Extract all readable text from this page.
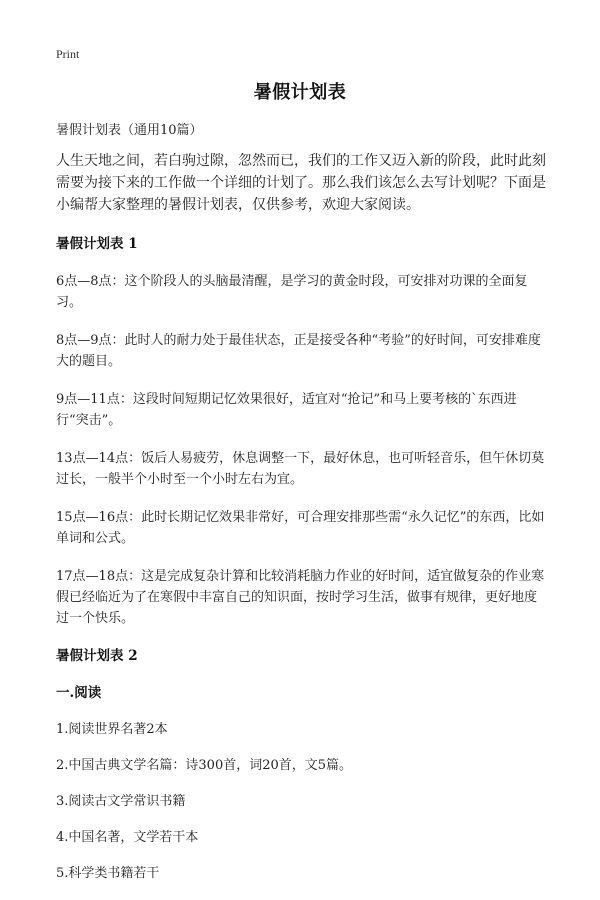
Print
暑假计划表
暑假计划表（通用10篇）
人生天地之间，若白驹过隙，忽然而已，我们的工作又迈入新的阶段，此时此刻需要为接下来的工作做一个详细的计划了。那么我们该怎么去写计划呢？下面是小编帮大家整理的暑假计划表，仅供参考，欢迎大家阅读。
暑假计划表 1
6点—8点：这个阶段人的头脑最清醒，是学习的黄金时段，可安排对功课的全面复习。
8点—9点：此时人的耐力处于最佳状态，正是接受各种“考验”的好时间，可安排难度大的题目。
9点—11点：这段时间短期记忆效果很好，适宜对“抢记”和马上要考核的`东西进行“突击”。
13点—14点：饭后人易疲劳，休息调整一下，最好休息，也可听轻音乐，但午休切莫过长，一般半个小时至一个小时左右为宜。
15点—16点：此时长期记忆效果非常好，可合理安排那些需“永久记忆”的东西，比如单词和公式。
17点—18点：这是完成复杂计算和比较消耗脑力作业的好时间，适宜做复杂的作业寒假已经临近为了在寒假中丰富自己的知识面，按时学习生活，做事有规律，更好地度过一个快乐。
暑假计划表 2
一.阅读
1.阅读世界名著2本
2.中国古典文学名篇：诗300首，词20首，文5篇。
3.阅读古文学常识书籍
4.中国名著，文学若干本
5.科学类书籍若干
